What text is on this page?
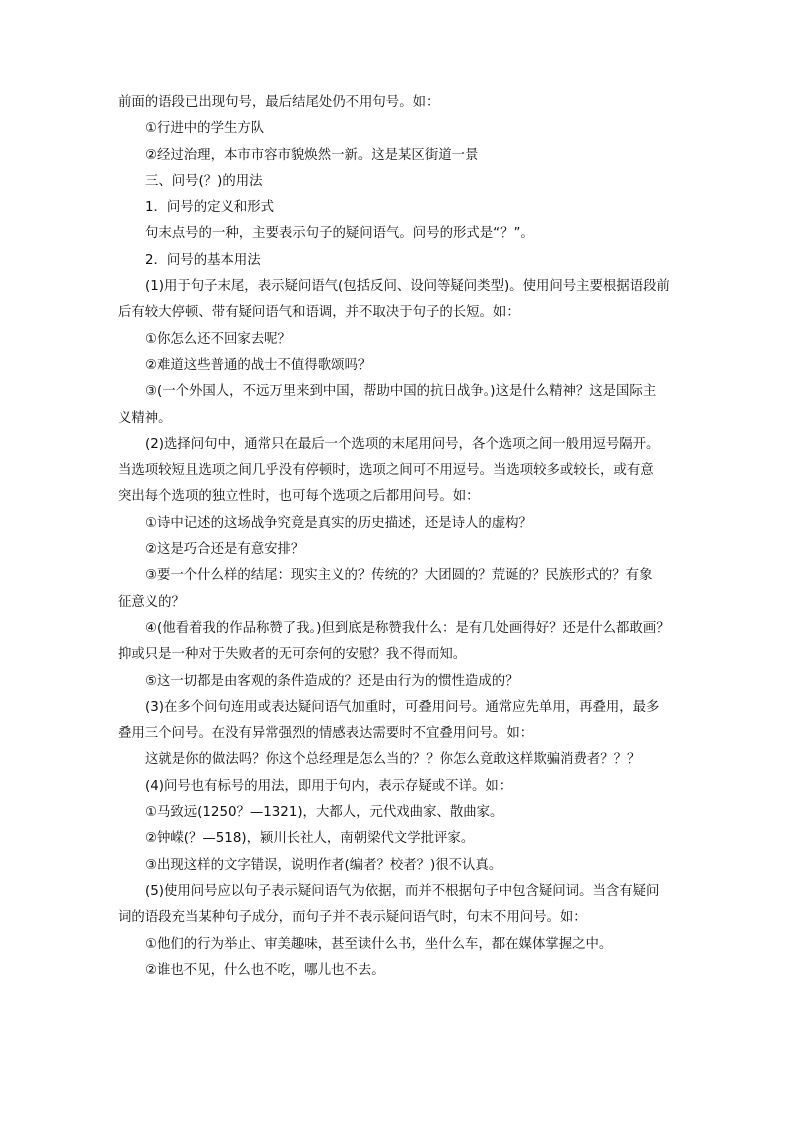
前面的语段已出现句号，最后结尾处仍不用句号。如：
①行进中的学生方队
②经过治理，本市市容市貌焕然一新。这是某区街道一景
三、问号(？)的用法
1．问号的定义和形式
句末点号的一种，主要表示句子的疑问语气。问号的形式是“？”。
2．问号的基本用法
(1)用于句子末尾，表示疑问语气(包括反问、设问等疑问类型)。使用问号主要根据语段前
后有较大停顿、带有疑问语气和语调，并不取决于句子的长短。如：
①你怎么还不回家去呢？
②难道这些普通的战士不值得歌颂吗？
③(一个外国人，不远万里来到中国，帮助中国的抗日战争。)这是什么精神？这是国际主
义精神。
(2)选择问句中，通常只在最后一个选项的末尾用问号，各个选项之间一般用逗号隔开。
当选项较短且选项之间几乎没有停顿时，选项之间可不用逗号。当选项较多或较长，或有意
突出每个选项的独立性时，也可每个选项之后都用问号。如：
①诗中记述的这场战争究竟是真实的历史描述，还是诗人的虚构？
②这是巧合还是有意安排？
③要一个什么样的结尾：现实主义的？传统的？大团圆的？荒诞的？民族形式的？有象
征意义的？
④(他看着我的作品称赞了我。)但到底是称赞我什么：是有几处画得好？还是什么都敢画？
抑或只是一种对于失败者的无可奈何的安慰？我不得而知。
⑤这一切都是由客观的条件造成的？还是由行为的惯性造成的？
(3)在多个问句连用或表达疑问语气加重时，可叠用问号。通常应先单用，再叠用，最多
叠用三个问号。在没有异常强烈的情感表达需要时不宜叠用问号。如：
这就是你的做法吗？你这个总经理是怎么当的？？你怎么竟敢这样欺骗消费者？？？
(4)问号也有标号的用法，即用于句内，表示存疑或不详。如：
①马致远(1250？—1321)，大都人，元代戏曲家、散曲家。
②钟嵘(？—518)，颍川长社人，南朝梁代文学批评家。
③出现这样的文字错误，说明作者(编者？校者？)很不认真。
(5)使用问号应以句子表示疑问语气为依据，而并不根据句子中包含疑问词。当含有疑问
词的语段充当某种句子成分，而句子并不表示疑问语气时，句末不用问号。如：
①他们的行为举止、审美趣味，甚至读什么书，坐什么车，都在媒体掌握之中。
②谁也不见，什么也不吃，哪儿也不去。
